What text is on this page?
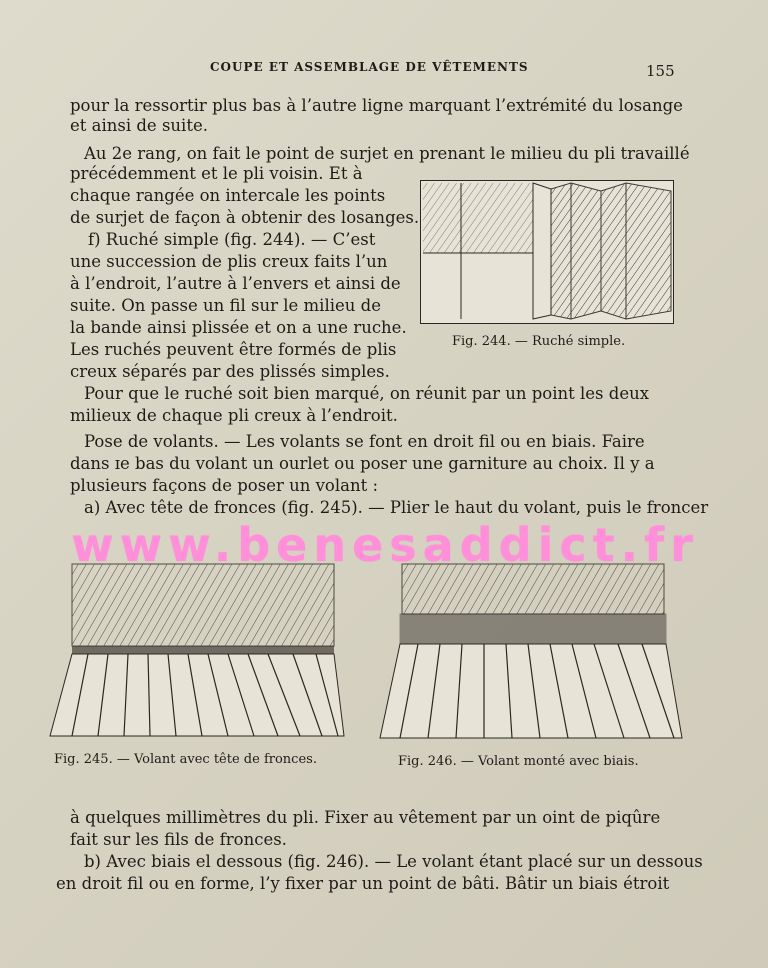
COUPE ET ASSEMBLAGE DE VÊTEMENTS	155
pour la ressortir plus bas à l’autre ligne marquant l’extrémité du losange
et ainsi de suite.
Au 2e rang, on fait le point de surjet en prenant le milieu du pli travaillé
précédemment et le pli voisin. Et à
chaque rangée on intercale les points
de surjet de façon à obtenir des losanges.
f) Ruché simple (fig. 244). — C’est
une succession de plis creux faits l’un
à l’endroit, l’autre à l’envers et ainsi de
suite. On passe un fil sur le milieu de
la bande ainsi plissée et on a une ruche.
Les ruchés peuvent être formés de plis
creux séparés par des plissés simples.
Pour que le ruché soit bien marqué, on réunit par un point les deux
milieux de chaque pli creux à l’endroit.
Pose de volants. — Les volants se font en droit fil ou en biais. Faire
dans ɪe bas du volant un ourlet ou poser une garniture au choix. Il y a
plusieurs façons de poser un volant :
a) Avec tête de fronces (fig. 245). — Plier le haut du volant, puis le froncer
Fig. 244. — Ruché simple.
Fig. 245. — Volant avec tête de fronces.	Fig. 246. — Volant monté avec biais.
www.benesaddict.fr
à quelques millimètres du pli. Fixer au vêtement par un oint de piqûre
fait sur les fils de fronces.
b) Avec biais el dessous (fig. 246). — Le volant étant placé sur un dessous
en droit fil ou en forme, l’y fixer par un point de bâti. Bâtir un biais étroit
